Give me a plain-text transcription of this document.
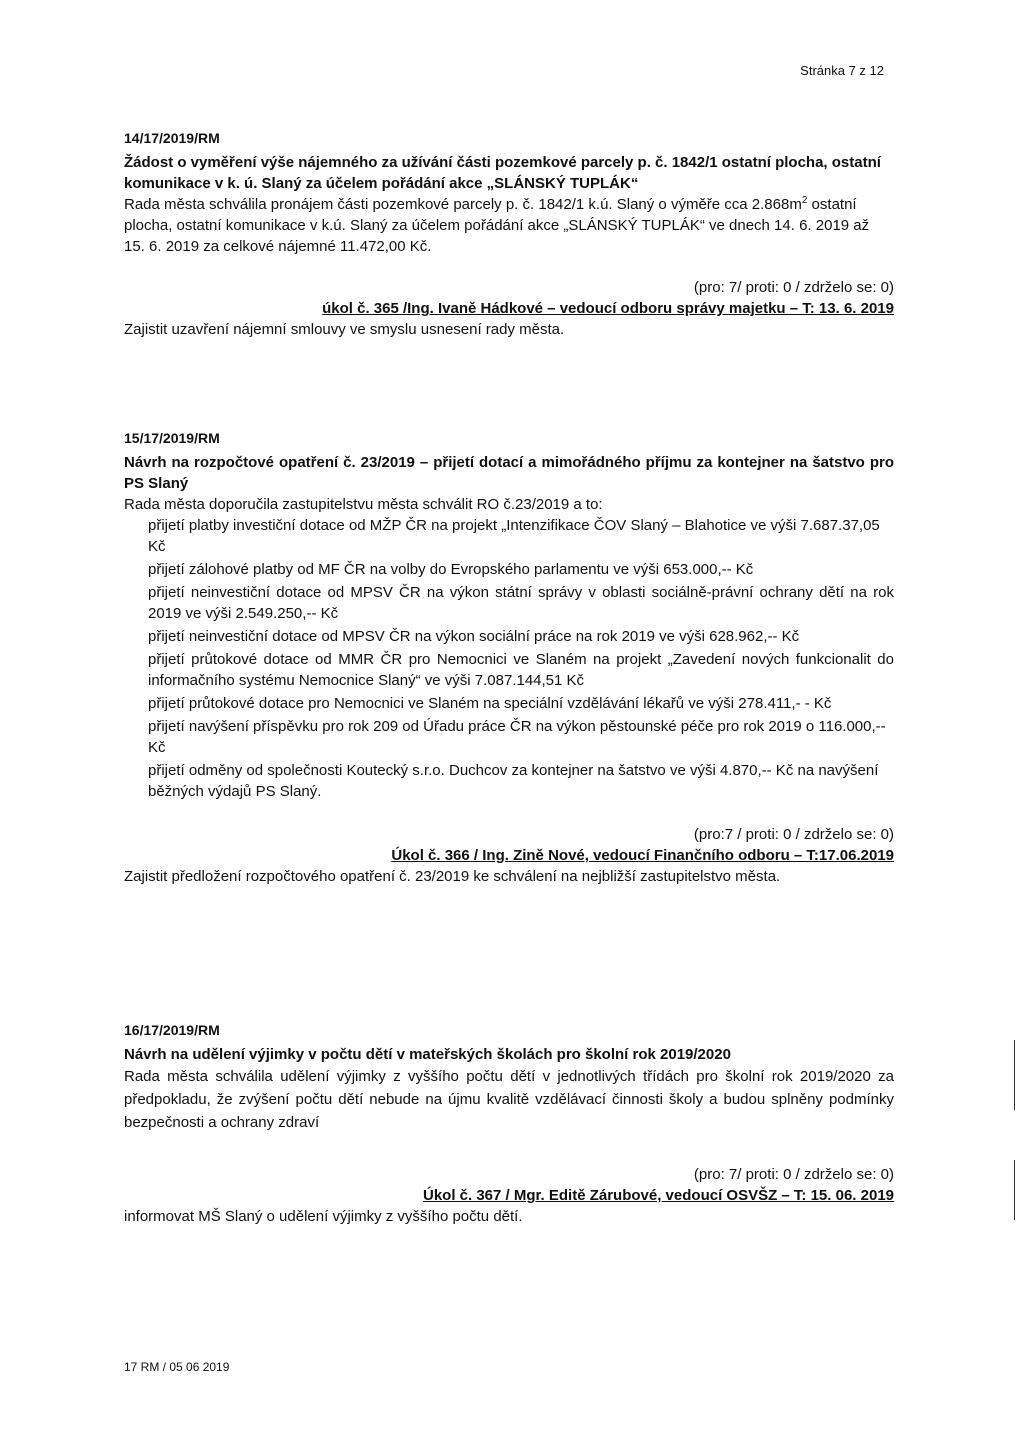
Stránka 7 z 12
14/17/2019/RM
Žádost o vyměření výše nájemného za užívání části pozemkové parcely p. č. 1842/1 ostatní plocha, ostatní komunikace v k. ú. Slaný za účelem pořádání akce „SLÁNSKÝ TUPLÁK“

Rada města schválila pronájem části pozemkové parcely p. č. 1842/1 k.ú. Slaný o výměře cca $2.868m^2$ ostatní plocha, ostatní komunikace v k.ú. Slaný za účelem pořádání akce „SLÁNSKÝ TUPLÁK“ ve dnech 14. 6. 2019 až 15. 6. 2019 za celkové nájemné 11.472,00 Kč.

(pro: 7/ proti: 0 / zdrželo se: 0)
úkol č. 365 /Ing. Ivaně Hádkové – vedoucí odboru správy majetku – T: 13. 6. 2019

Zajistit uzavření nájemní smlouvy ve smyslu usnesení rady města.

15/17/2019/RM
Návrh na rozpočtové opatření č. 23/2019 – přijetí dotací a mimořádného příjmu za kontejner na šatstvo pro PS Slaný

Rada města doporučila zastupitelstvu města schválit RO č.23/2019 a to:

přijetí platby investiční dotace od MŽP ČR na projekt „Intenzifikace ČOV Slaný – Blahotice ve výši 7.687.37,05 Kč

přijetí zálohové platby od MF ČR na volby do Evropského parlamentu ve výši 653.000,-- Kč

přijetí neinvestiční dotace od MPSV ČR na výkon státní správy v oblasti sociálně-právní ochrany dětí na rok 2019 ve výši 2.549.250,-- Kč

přijetí neinvestiční dotace od MPSV ČR na výkon sociální práce na rok 2019 ve výši 628.962,-- Kč

přijetí průtokové dotace od MMR ČR pro Nemocnici ve Slaném na projekt „Zavedení nových funkcionalit do informačního systému Nemocnice Slaný“ ve výši 7.087.144,51 Kč

přijetí průtokové dotace pro Nemocnici ve Slaném na speciální vzdělávání lékařů ve výši 278.411,- - Kč

přijetí navýšení příspěvku pro rok 209 od Úřadu práce ČR na výkon pěstounské péče pro rok 2019 o 116.000,-- Kč

přijetí odměny od společnosti Koutecký s.r.o. Duchcov za kontejner na šatstvo ve výši 4.870,-- Kč na navýšení běžných výdajů PS Slaný.

(pro:7 / proti: 0 / zdrželo se: 0)
Úkol č. 366 / Ing. Zině Nové, vedoucí Finančního odboru – T:17.06.2019

Zajistit předložení rozpočtového opatření č. 23/2019 ke schválení na nejbližší zastupitelstvo města.

16/17/2019/RM
Návrh na udělení výjimky v počtu dětí v mateřských školách pro školní rok 2019/2020

Rada města schválila udělení výjimky z vyššího počtu dětí v jednotlivých třídách pro školní rok 2019/2020 za předpokladu, že zvýšení počtu dětí nebude na újmu kvalitě vzdělávací činnosti školy a budou splněny podmínky bezpečnosti a ochrany zdraví

(pro: 7/ proti: 0 / zdrželo se: 0)
Úkol č. 367 / Mgr. Editě Zárubové, vedoucí OSVŠZ – T: 15. 06. 2019

informovat MŠ Slaný o udělení výjimky z vyššího počtu dětí.

17 RM / 05 06 2019
